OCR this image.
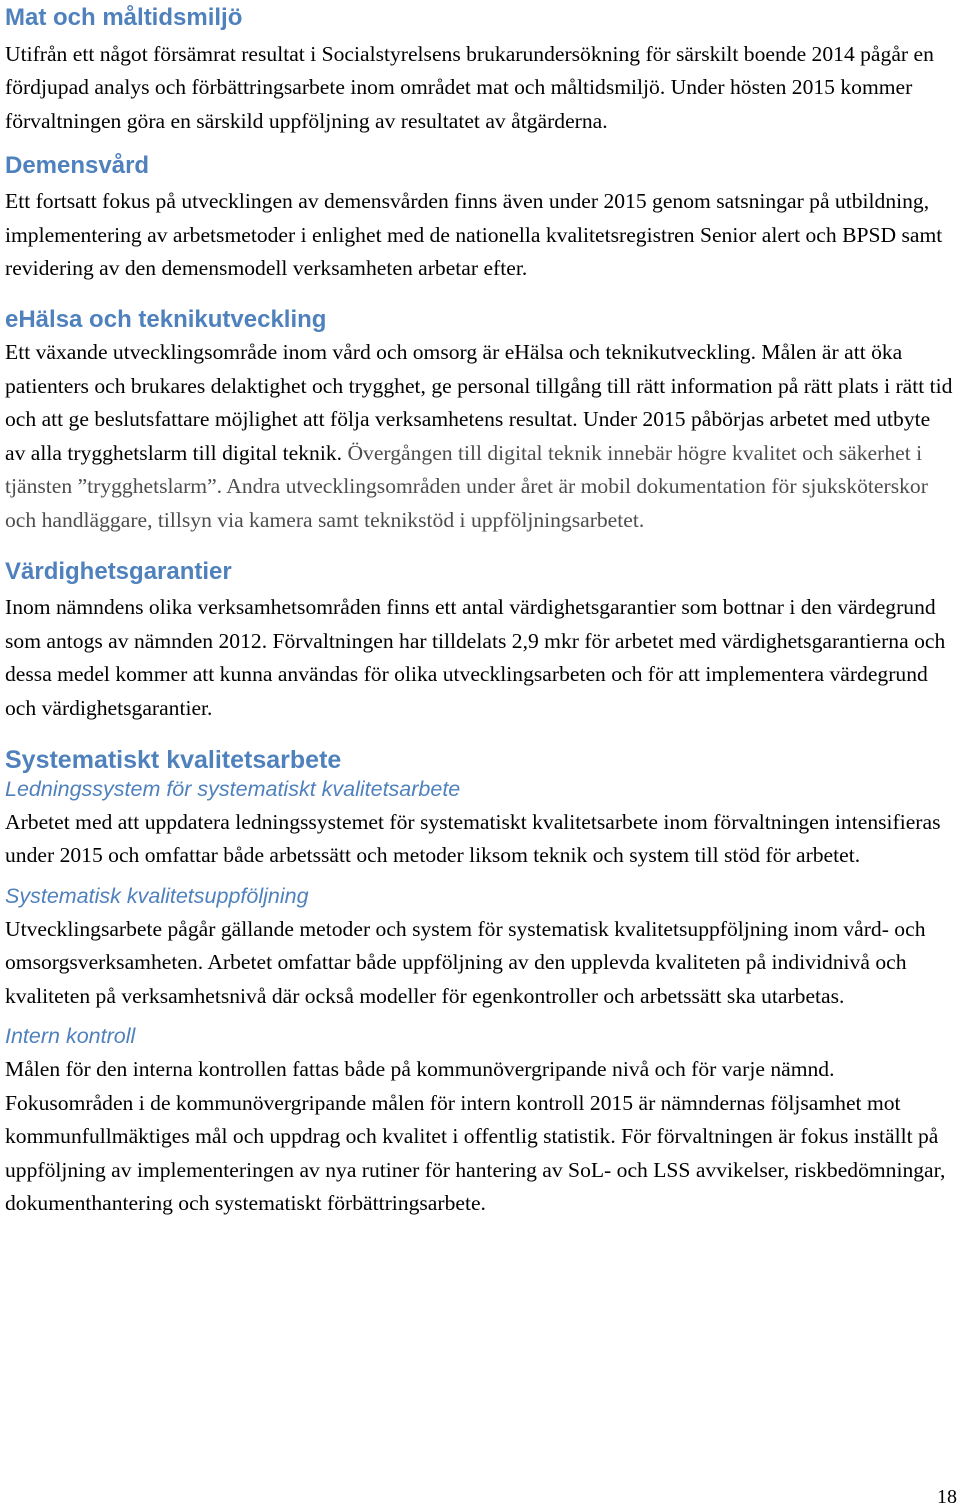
Mat och måltidsmiljö

Utifrån ett något försämrat resultat i Socialstyrelsens brukarundersökning för särskilt boende 2014 pågår en fördjupad analys och förbättringsarbete inom området mat och måltidsmiljö. Under hösten 2015 kommer förvaltningen göra en särskild uppföljning av resultatet av åtgärderna.

Demensvård

Ett fortsatt fokus på utvecklingen av demensvården finns även under 2015 genom satsningar på utbildning, implementering av arbetsmetoder i enlighet med de nationella kvalitetsregistren Senior alert och BPSD samt revidering av den demensmodell verksamheten arbetar efter.

eHälsa och teknikutveckling

Ett växande utvecklingsområde inom vård och omsorg är eHälsa och teknikutveckling. Målen är att öka patienters och brukares delaktighet och trygghet, ge personal tillgång till rätt information på rätt plats i rätt tid och att ge beslutsfattare möjlighet att följa verksamhetens resultat. Under 2015 påbörjas arbetet med utbyte av alla trygghetslarm till digital teknik. Övergången till digital teknik innebär högre kvalitet och säkerhet i tjänsten ”trygghetslarm”. Andra utvecklingsområden under året är mobil dokumentation för sjuksköterskor och handläggare, tillsyn via kamera samt teknikstöd i uppföljningsarbetet.

Värdighetsgarantier

Inom nämndens olika verksamhetsområden finns ett antal värdighetsgarantier som bottnar i den värdegrund som antogs av nämnden 2012. Förvaltningen har tilldelats 2,9 mkr för arbetet med värdighetsgarantierna och dessa medel kommer att kunna användas för olika utvecklingsarbeten och för att implementera värdegrund och värdighetsgarantier.

Systematiskt kvalitetsarbete
Ledningssystem för systematiskt kvalitetsarbete

Arbetet med att uppdatera ledningssystemet för systematiskt kvalitetsarbete inom förvaltningen intensifieras under 2015 och omfattar både arbetssätt och metoder liksom teknik och system till stöd för arbetet.

Systematisk kvalitetsuppföljning

Utvecklingsarbete pågår gällande metoder och system för systematisk kvalitetsuppföljning inom vård- och omsorgsverksamheten. Arbetet omfattar både uppföljning av den upplevda kvaliteten på individnivå och kvaliteten på verksamhetsnivå där också modeller för egenkontroller och arbetssätt ska utarbetas.

Intern kontroll

Målen för den interna kontrollen fattas både på kommunövergripande nivå och för varje nämnd. Fokusområden i de kommunövergripande målen för intern kontroll 2015 är nämndernas följsamhet mot kommunfullmäktiges mål och uppdrag och kvalitet i offentlig statistik. För förvaltningen är fokus inställt på uppföljning av implementeringen av nya rutiner för hantering av SoL- och LSS avvikelser, riskbedömningar, dokumenthantering och systematiskt förbättringsarbete.

18
